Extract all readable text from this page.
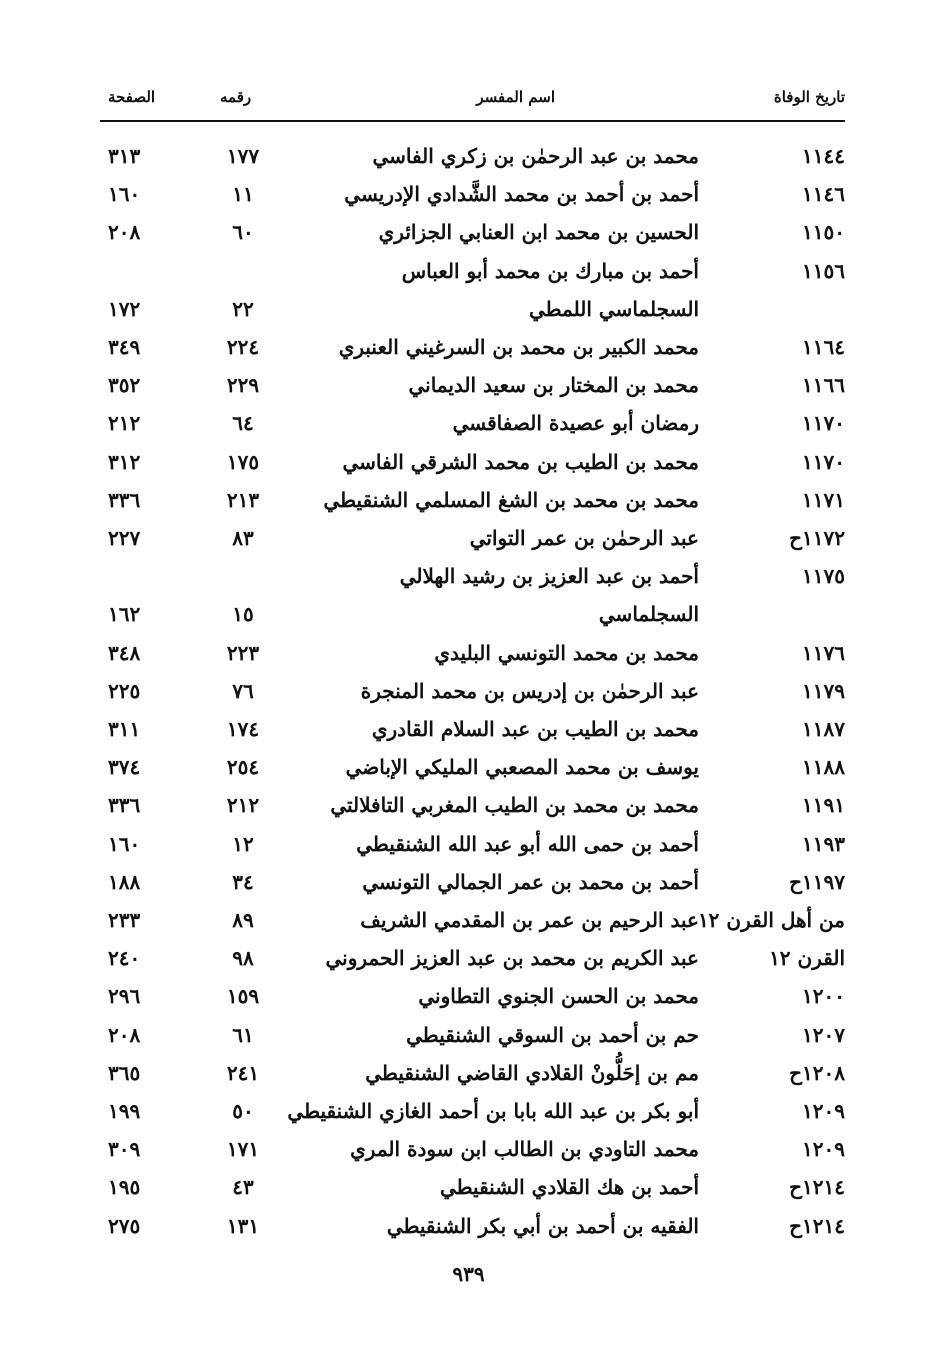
تاريخ الوفاة
اسم المفسر
رقمه
الصفحة
١١٤٤
محمد بن عبد الرحمٰن بن زكري الفاسي
١٧٧
٣١٣
١١٤٦
أحمد بن أحمد بن محمد الشَّدادي الإدريسي
١١
١٦٠
١١٥٠
الحسين بن محمد ابن العنابي الجزائري
٦٠
٢٠٨
١١٥٦
أحمد بن مبارك بن محمد أبو العباس
السجلماسي اللمطي
٢٢
١٧٢
١١٦٤
محمد الكبير بن محمد بن السرغيني العنبري
٢٢٤
٣٤٩
١١٦٦
محمد بن المختار بن سعيد الديماني
٢٢٩
٣٥٢
١١٧٠
رمضان أبو عصيدة الصفاقسي
٦٤
٢١٢
١١٧٠
محمد بن الطيب بن محمد الشرقي الفاسي
١٧٥
٣١٢
١١٧١
محمد بن محمد بن الشغ المسلمي الشنقيطي
٢١٣
٣٣٦
١١٧٢ح
عبد الرحمٰن بن عمر التواتي
٨٣
٢٢٧
١١٧٥
أحمد بن عبد العزيز بن رشيد الهلالي
السجلماسي
١٥
١٦٢
١١٧٦
محمد بن محمد التونسي البليدي
٢٢٣
٣٤٨
١١٧٩
عبد الرحمٰن بن إدريس بن محمد المنجرة
٧٦
٢٢٥
١١٨٧
محمد بن الطيب بن عبد السلام القادري
١٧٤
٣١١
١١٨٨
يوسف بن محمد المصعبي المليكي الإباضي
٢٥٤
٣٧٤
١١٩١
محمد بن محمد بن الطيب المغربي التافلالتي
٢١٢
٣٣٦
١١٩٣
أحمد بن حمى الله أبو عبد الله الشنقيطي
١٢
١٦٠
١١٩٧ح
أحمد بن محمد بن عمر الجمالي التونسي
٣٤
١٨٨
من أهل القرن ١٢
عبد الرحيم بن عمر بن المقدمي الشريف
٨٩
٢٣٣
القرن ١٢
عبد الكريم بن محمد بن عبد العزيز الحمروني
٩٨
٢٤٠
١٢٠٠
محمد بن الحسن الجنوي التطاوني
١٥٩
٢٩٦
١٢٠٧
حم بن أحمد بن السوقي الشنقيطي
٦١
٢٠٨
١٢٠٨ح
مم بن إحَلُّونْ القلادي القاضي الشنقيطي
٢٤١
٣٦٥
١٢٠٩
أبو بكر بن عبد الله بابا بن أحمد الغازي الشنقيطي
٥٠
١٩٩
١٢٠٩
محمد التاودي بن الطالب ابن سودة المري
١٧١
٣٠٩
١٢١٤ح
أحمد بن هك القلادي الشنقيطي
٤٣
١٩٥
١٢١٤ح
الفقيه بن أحمد بن أبي بكر الشنقيطي
١٣١
٢٧٥
٩٣٩
